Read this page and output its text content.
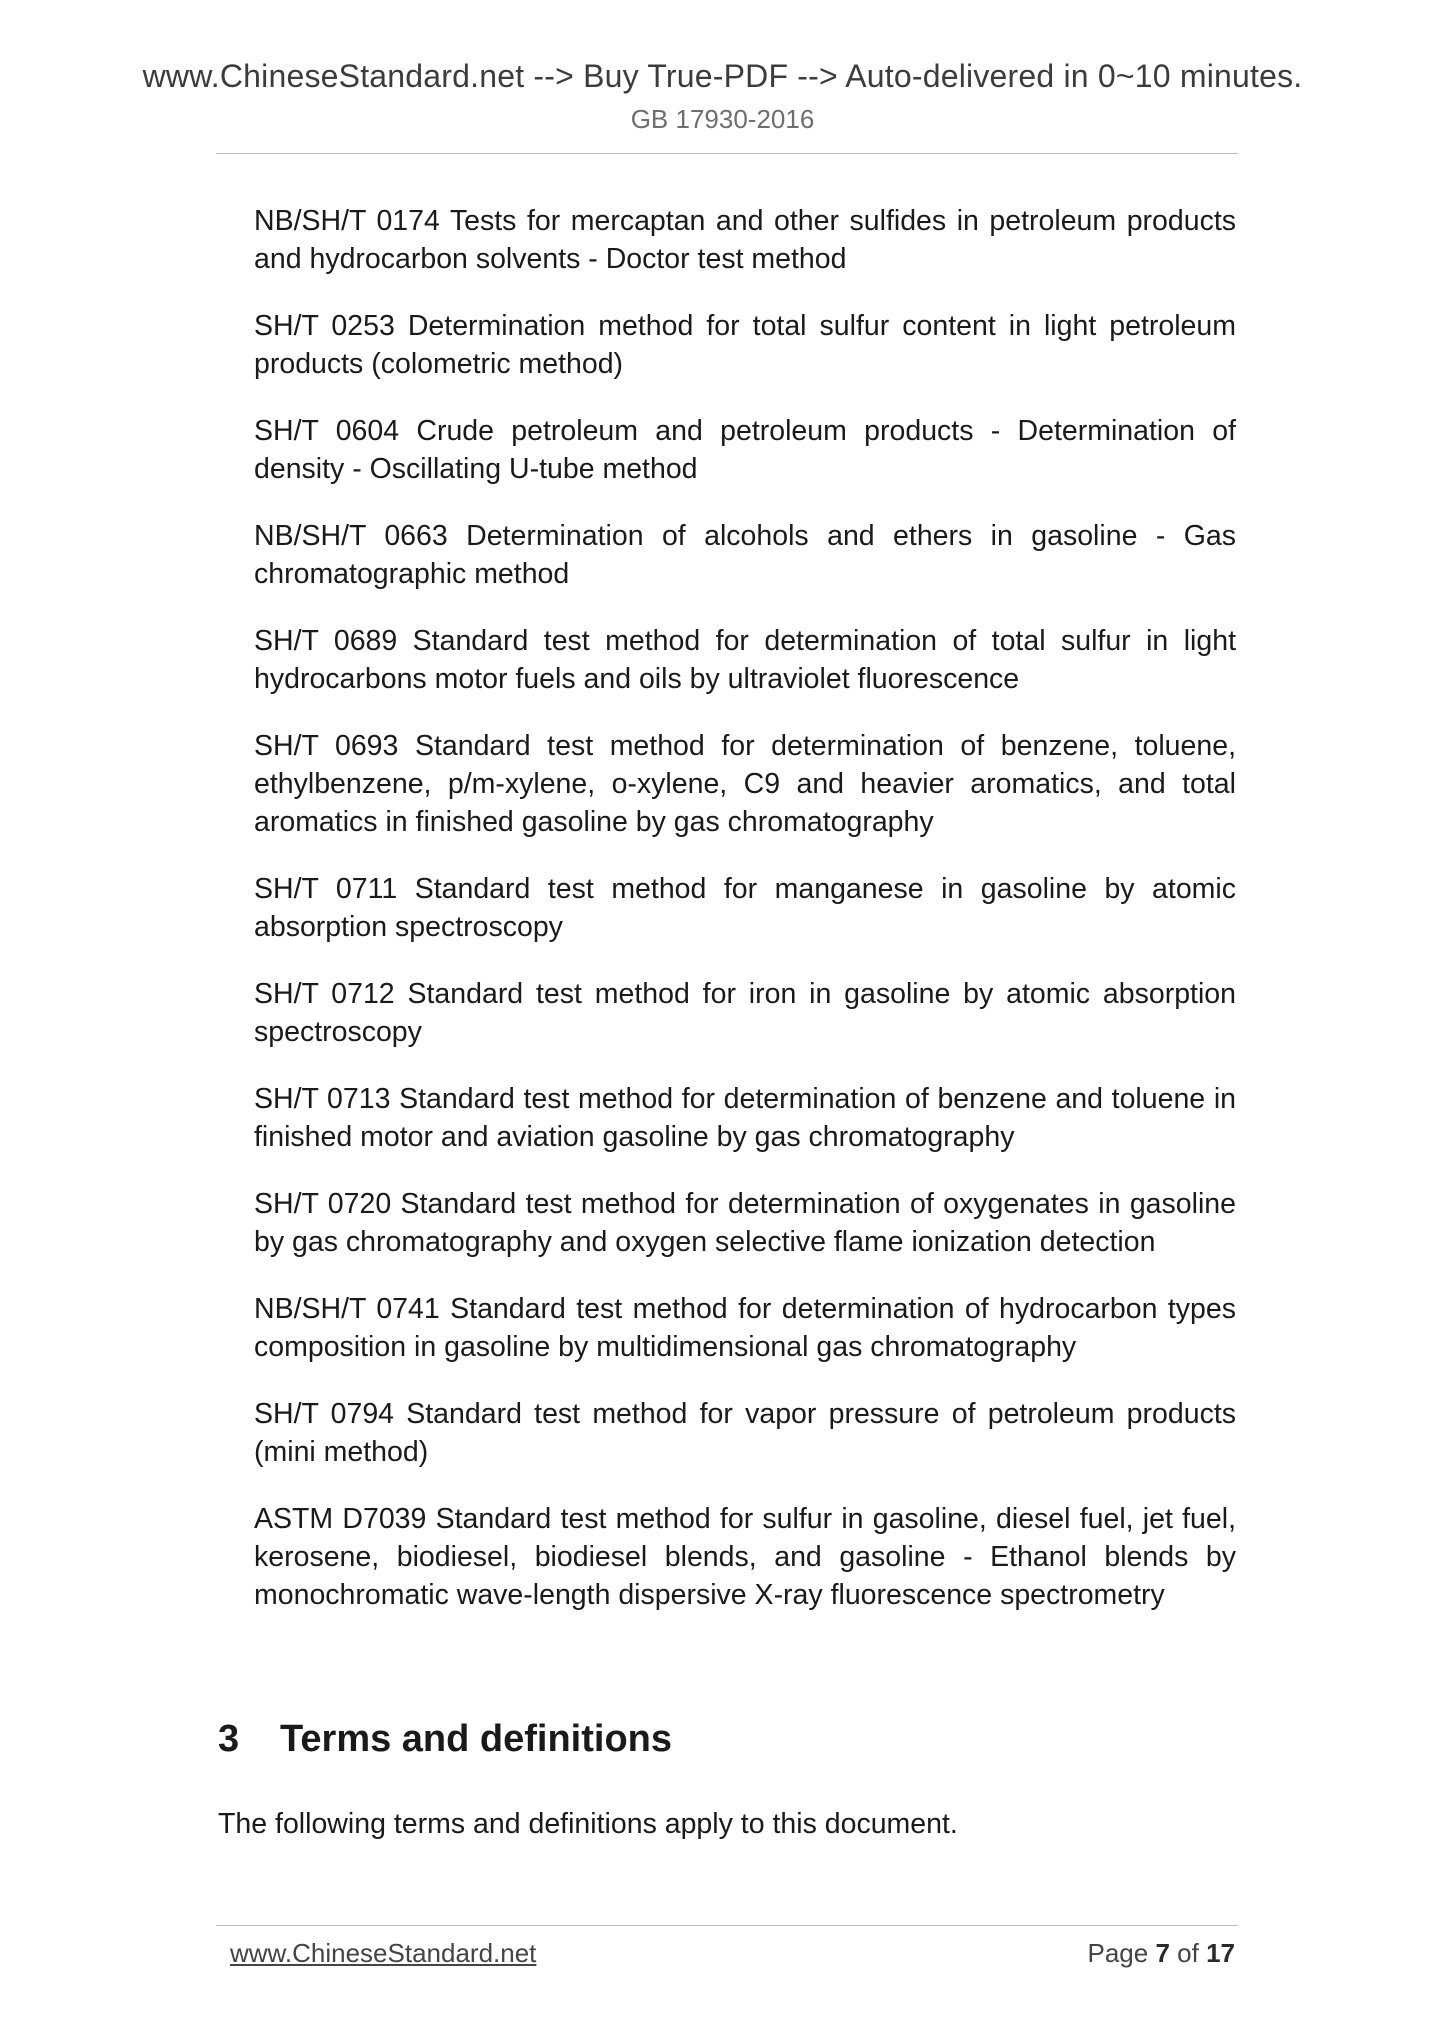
www.ChineseStandard.net --> Buy True-PDF --> Auto-delivered in 0~10 minutes.
GB 17930-2016

NB/SH/T 0174 Tests for mercaptan and other sulfides in petroleum products and hydrocarbon solvents - Doctor test method

SH/T 0253 Determination method for total sulfur content in light petroleum products (colometric method)

SH/T 0604 Crude petroleum and petroleum products - Determination of density - Oscillating U-tube method

NB/SH/T 0663 Determination of alcohols and ethers in gasoline - Gas chromatographic method

SH/T 0689 Standard test method for determination of total sulfur in light hydrocarbons motor fuels and oils by ultraviolet fluorescence

SH/T 0693 Standard test method for determination of benzene, toluene, ethylbenzene, p/m-xylene, o-xylene, C9 and heavier aromatics, and total aromatics in finished gasoline by gas chromatography

SH/T 0711 Standard test method for manganese in gasoline by atomic absorption spectroscopy

SH/T 0712 Standard test method for iron in gasoline by atomic absorption spectroscopy

SH/T 0713 Standard test method for determination of benzene and toluene in finished motor and aviation gasoline by gas chromatography

SH/T 0720 Standard test method for determination of oxygenates in gasoline by gas chromatography and oxygen selective flame ionization detection

NB/SH/T 0741 Standard test method for determination of hydrocarbon types composition in gasoline by multidimensional gas chromatography

SH/T 0794 Standard test method for vapor pressure of petroleum products (mini method)

ASTM D7039 Standard test method for sulfur in gasoline, diesel fuel, jet fuel, kerosene, biodiesel, biodiesel blends, and gasoline - Ethanol blends by monochromatic wave-length dispersive X-ray fluorescence spectrometry

3 Terms and definitions
The following terms and definitions apply to this document.
www.ChineseStandard.net	Page 7 of 17
